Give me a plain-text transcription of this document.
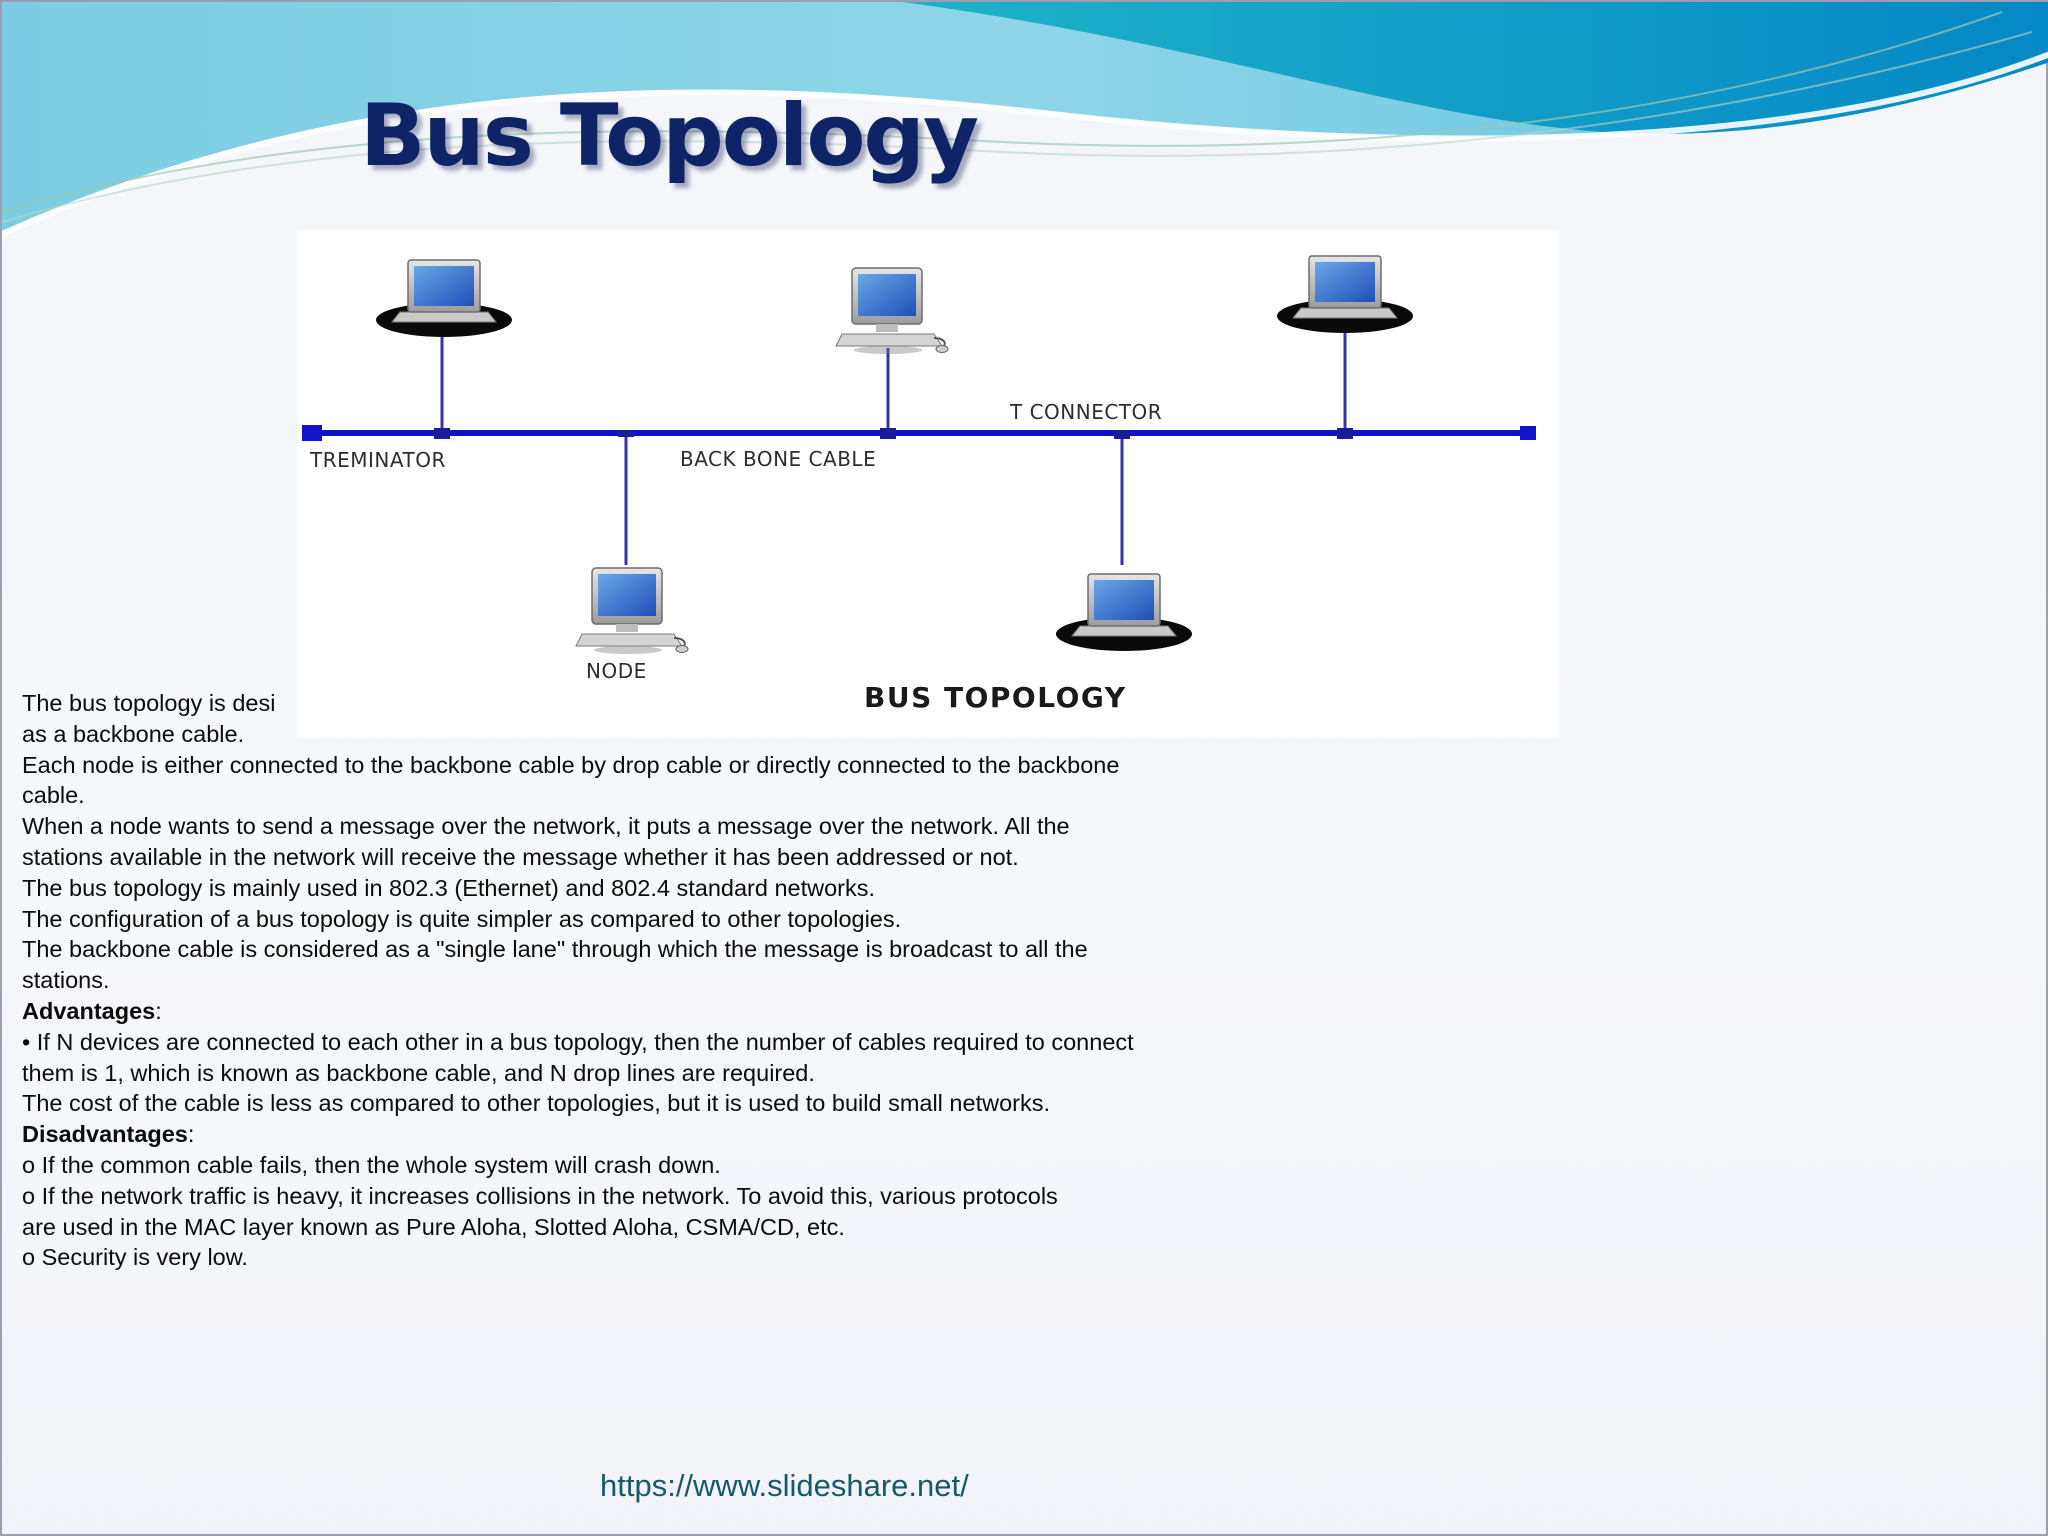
Bus Topology
TREMINATOR	BACK BONE CABLE
T CONNECTOR
NODE
BUS TOPOLOGY
The bus topology is desi
as a backbone cable.
Each node is either connected to the backbone cable by drop cable or directly connected to the backbone
cable.
When a node wants to send a message over the network, it puts a message over the network. All the
stations available in the network will receive the message whether it has been addressed or not.
The bus topology is mainly used in 802.3 (Ethernet) and 802.4 standard networks.
The configuration of a bus topology is quite simpler as compared to other topologies.
The backbone cable is considered as a "single lane" through which the message is broadcast to all the
stations.
Advantages:
• If N devices are connected to each other in a bus topology, then the number of cables required to connect
them is 1, which is known as backbone cable, and N drop lines are required.
The cost of the cable is less as compared to other topologies, but it is used to build small networks.
Disadvantages:
o If the common cable fails, then the whole system will crash down.
o If the network traffic is heavy, it increases collisions in the network. To avoid this, various protocols
are used in the MAC layer known as Pure Aloha, Slotted Aloha, CSMA/CD, etc.
o Security is very low.
https://www.slideshare.net/
